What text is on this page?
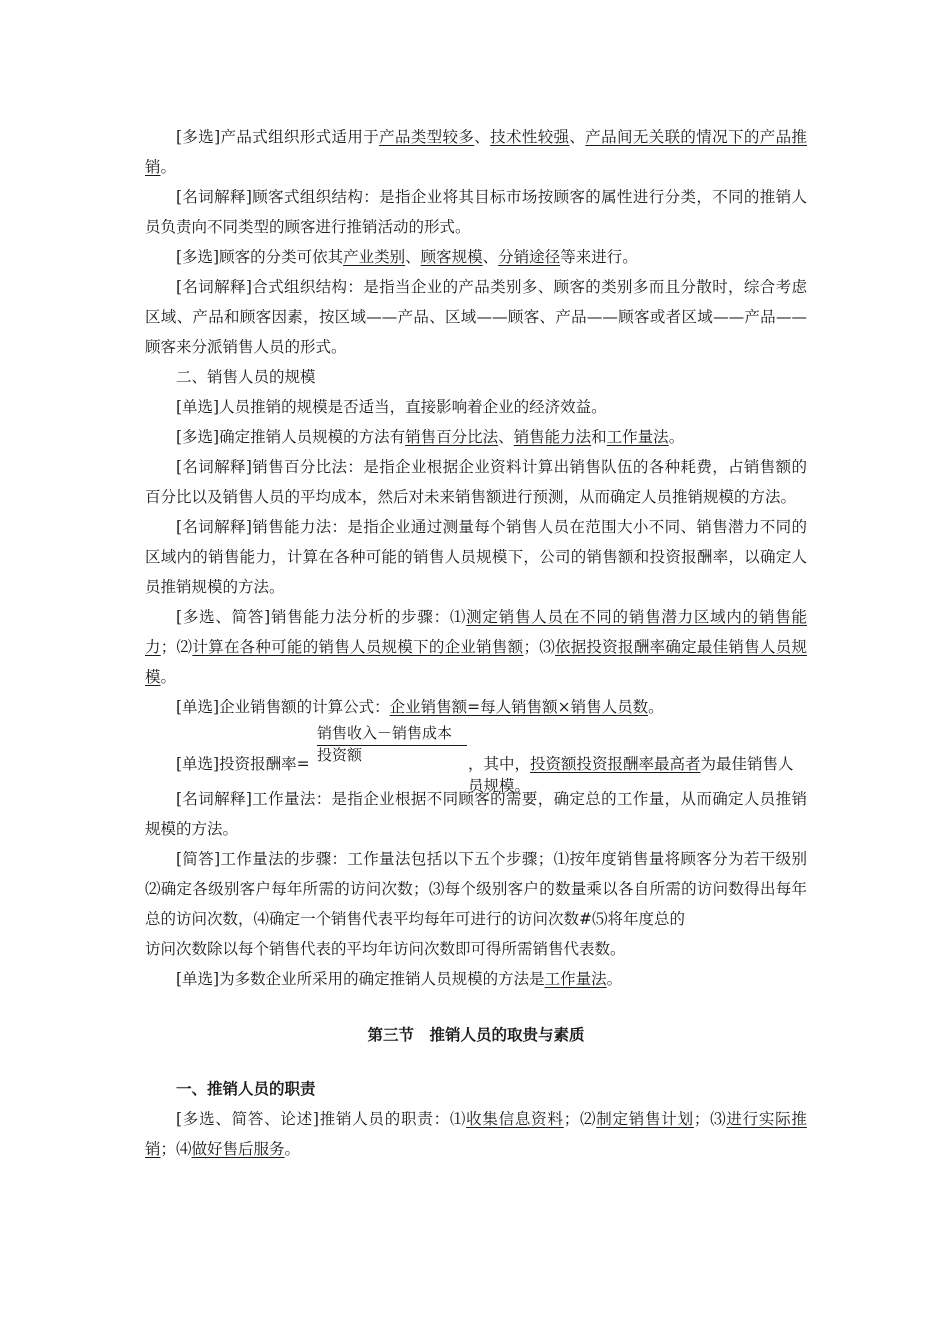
[多选]产品式组织形式适用于产品类型较多、技术性较强、产品间无关联的情况下的产品推销。

[名词解释]顾客式组织结构：是指企业将其目标市场按顾客的属性进行分类，不同的推销人员负责向不同类型的顾客进行推销活动的形式。

[多选]顾客的分类可依其产业类别、顾客规模、分销途径等来进行。

[名词解释]合式组织结构：是指当企业的产品类别多、顾客的类别多而且分散时，综合考虑区域、产品和顾客因素，按区域——产品、区域——顾客、产品——顾客或者区域——产品——顾客来分派销售人员的形式。

二、销售人员的规模

[单选]人员推销的规模是否适当，直接影响着企业的经济效益。

[多选]确定推销人员规模的方法有销售百分比法、销售能力法和工作量法。

[名词解释]销售百分比法：是指企业根据企业资料计算出销售队伍的各种耗费，占销售额的百分比以及销售人员的平均成本，然后对未来销售额进行预测，从而确定人员推销规模的方法。

[名词解释]销售能力法：是指企业通过测量每个销售人员在范围大小不同、销售潜力不同的区域内的销售能力，计算在各种可能的销售人员规模下，公司的销售额和投资报酬率，以确定人员推销规模的方法。

[多选、简答]销售能力法分析的步骤：⑴测定销售人员在不同的销售潜力区域内的销售能力；⑵计算在各种可能的销售人员规模下的企业销售额；⑶依据投资报酬率确定最佳销售人员规模。

[单选]企业销售额的计算公式：企业销售额=每人销售额×销售人员数。

[单选]投资报酬率=
销售收入－销售成本
投资额	，其中，投资额投资报酬率最高者为最佳销售人员规模。

[名词解释]工作量法：是指企业根据不同顾客的需要，确定总的工作量，从而确定人员推销规模的方法。

[简答]工作量法的步骤：工作量法包括以下五个步骤；⑴按年度销售量将顾客分为若干级别⑵确定各级别客户每年所需的访问次数；⑶每个级别客户的数量乘以各自所需的访问数得出每年总的访问次数，⑷确定一个销售代表平均每年可进行的访问次数#⑸将年度总的

访问次数除以每个销售代表的平均年访问次数即可得所需销售代表数。

[单选]为多数企业所采用的确定推销人员规模的方法是工作量法。

第三节　推销人员的取贵与素质

一、推销人员的职责

[多选、简答、论述]推销人员的职责：⑴收集信息资料；⑵制定销售计划；⑶进行实际推销；⑷做好售后服务。
